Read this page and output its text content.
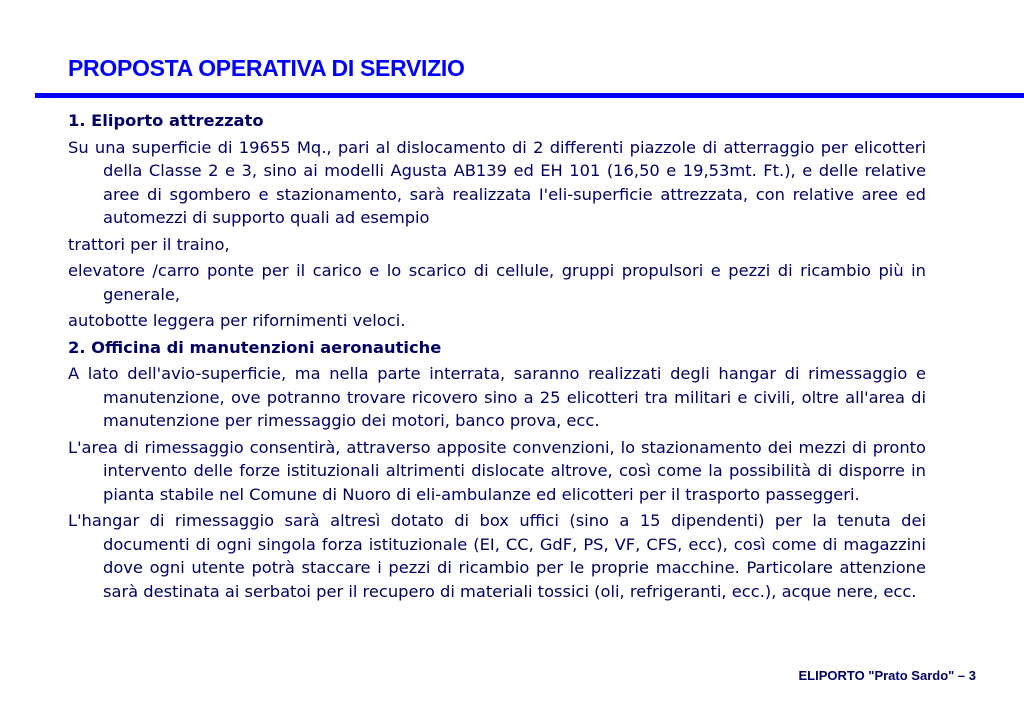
PROPOSTA OPERATIVA DI SERVIZIO

1. Eliporto attrezzato

Su una superficie di 19655 Mq., pari al dislocamento di 2 differenti piazzole di atterraggio per elicotteri della Classe 2 e 3, sino ai modelli Agusta AB139 ed EH 101 (16,50 e 19,53mt. Ft.), e delle relative aree di sgombero e stazionamento, sarà realizzata I'eli-superficie attrezzata, con relative aree ed automezzi di supporto quali ad esempio

trattori per il traino,

elevatore /carro ponte per il carico e lo scarico di cellule, gruppi propulsori e pezzi di ricambio più in generale,

autobotte leggera per rifornimenti veloci.

2. Officina di manutenzioni aeronautiche

A lato dell'avio-superficie, ma nella parte interrata, saranno realizzati degli hangar di rimessaggio e manutenzione, ove potranno trovare ricovero sino a 25 elicotteri tra militari e civili, oltre all'area di manutenzione per rimessaggio dei motori, banco prova, ecc.

L'area di rimessaggio consentirà, attraverso apposite convenzioni, lo stazionamento dei mezzi di pronto intervento delle forze istituzionali altrimenti dislocate altrove, così come la possibilità di disporre in pianta stabile nel Comune di Nuoro di eli-ambulanze ed elicotteri per il trasporto passeggeri.

L'hangar di rimessaggio sarà altresì dotato di box uffici (sino a 15 dipendenti) per la tenuta dei documenti di ogni singola forza istituzionale (EI, CC, GdF, PS, VF, CFS, ecc), così come di magazzini dove ogni utente potrà staccare i pezzi di ricambio per le proprie macchine. Particolare attenzione sarà destinata ai serbatoi per il recupero di materiali tossici (oli, refrigeranti, ecc.), acque nere, ecc.

ELIPORTO "Prato Sardo" – 3
